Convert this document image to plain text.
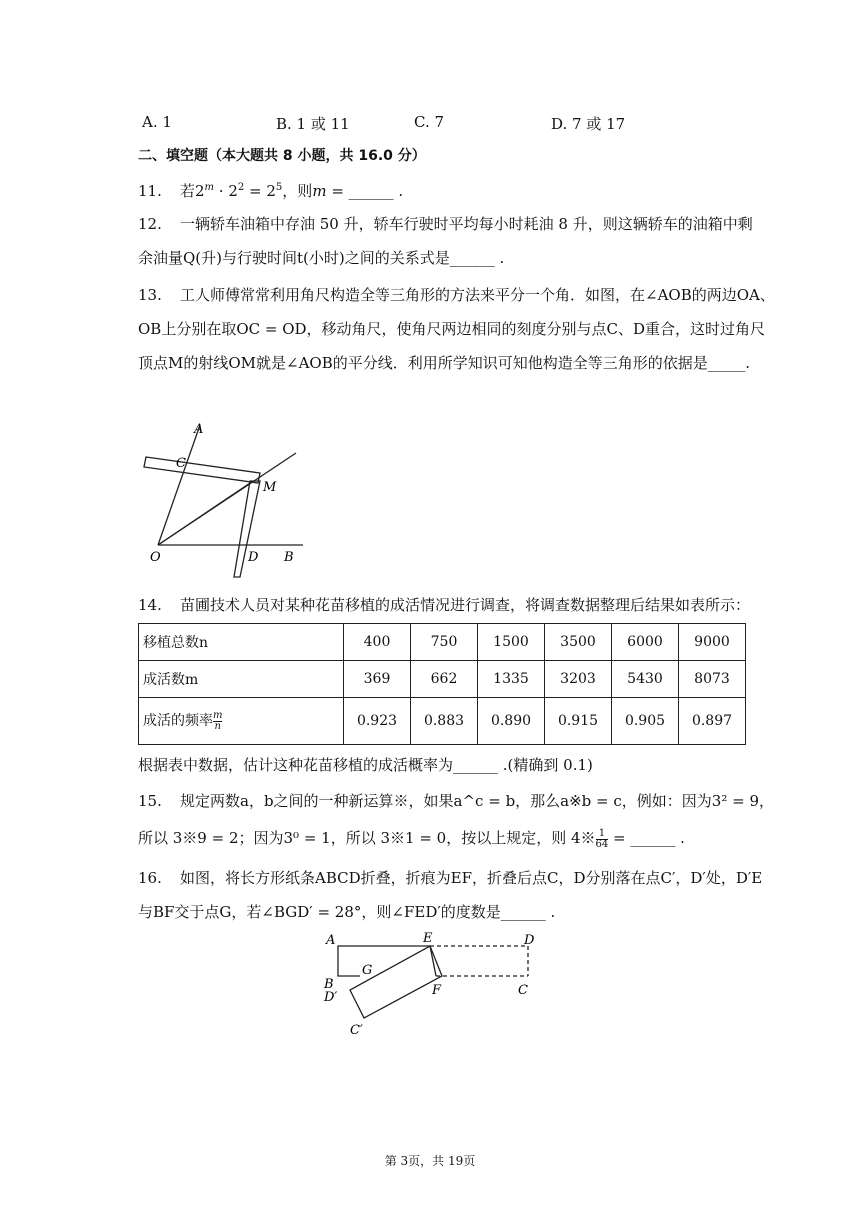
A. 1	B. 1 或 11	C. 7	D. 7 或 17
二、填空题（本大题共 8 小题，共 16.0 分）
11. 若$2^m \cdot 2^2 = 2^5$，则m = ______ .
12. 一辆轿车油箱中存油 50 升，轿车行驶时平均每小时耗油 8 升，则这辆轿车的油箱中剩
余油量Q(升)与行驶时间t(小时)之间的关系式是______ .
13. 工人师傅常常利用角尺构造全等三角形的方法来平分一个角．如图，在∠AOB的两边OA、
OB上分别在取OC = OD，移动角尺，使角尺两边相同的刻度分别与点C、D重合，这时过角尺
顶点M的射线OM就是∠AOB的平分线．利用所学知识可知他构造全等三角形的依据是_____.
A
C
M
O	D B
14. 苗圃技术人员对某种花苗移植的成活情况进行调查，将调查数据整理后结果如表所示：
移植总数n	400	750	1500	3500	6000	9000
成活数m	369	662	1335	3203	5430	8073
成活的频率 $\frac{m}{n}$	0.923	0.883	0.890	0.915	0.905	0.897
根据表中数据，估计这种花苗移植的成活概率为______ .(精确到 0.1)
15. 规定两数a，b之间的一种新运算※，如果a^c = b，那么a※b = c，例如：因为3² = 9，
所以 3※9 = 2；因为3⁰ = 1，所以 3※1 = 0，按以上规定，则 4※ $\frac{1}{64}$ = ______ .
16. 如图，将长方形纸条ABCD折叠，折痕为EF，折叠后点C，D分别落在点C′，D′处，D′E
与BF交于点G，若∠BGD′ = 28°，则∠FED′的度数是______ .
A	E	D
G
B
D′	F	C
C′
第 3页，共 19页
